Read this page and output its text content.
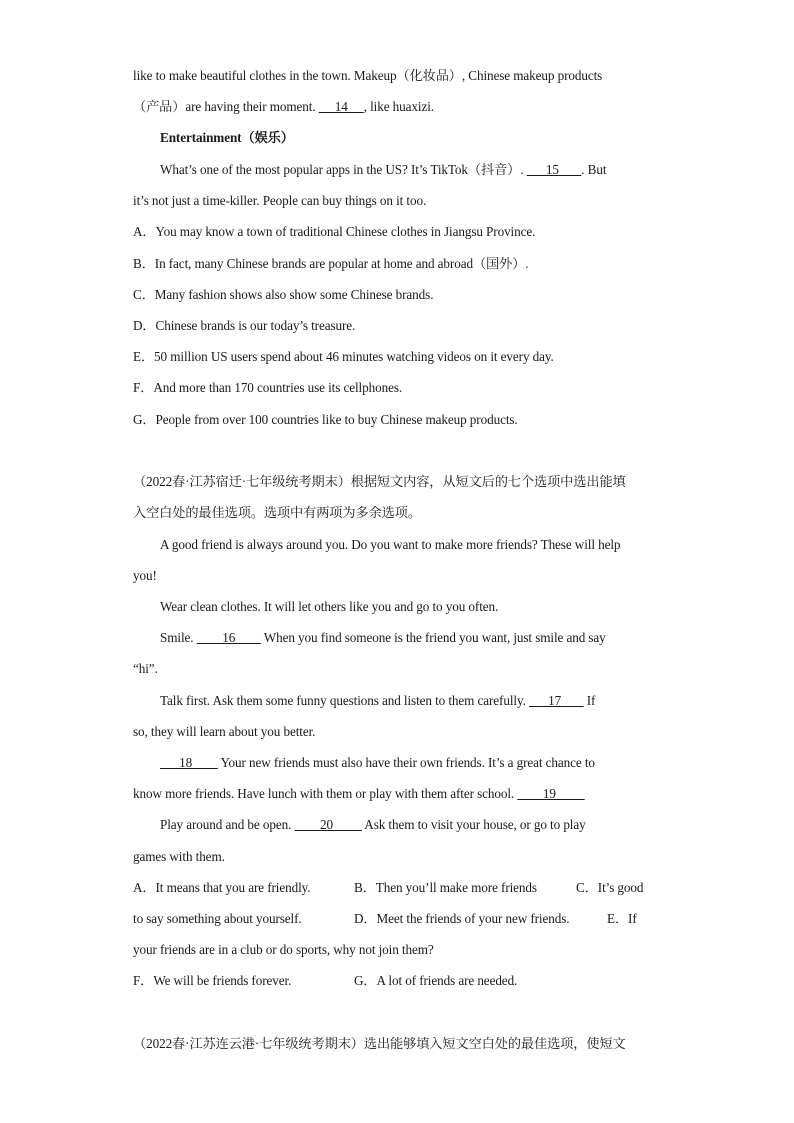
like to make beautiful clothes in the town. Makeup（化妆品）, Chinese makeup products
（产品）are having their moment.      14     , like huaxizi.
Entertainment（娱乐）
What’s one of the most popular apps in the US? It’s TikTok（抖音）.       15       . But
it’s not just a time-killer. People can buy things on it too.
A．You may know a town of traditional Chinese clothes in Jiangsu Province.
B．In fact, many Chinese brands are popular at home and abroad（国外）.
C．Many fashion shows also show some Chinese brands.
D．Chinese brands is our today’s treasure.
E．50 million US users spend about 46 minutes watching videos on it every day.
F．And more than 170 countries use its cellphones.
G．People from over 100 countries like to buy Chinese makeup products.
（2022春·江苏宿迁·七年级统考期末）根据短文内容，从短文后的七个选项中选出能填
入空白处的最佳选项。选项中有两项为多余选项。
A good friend is always around you. Do you want to make more friends? These will help
you!
Wear clean clothes. It will let others like you and go to you often.
Smile.         16         When you find someone is the friend you want, just smile and say
“hi”.
Talk first. Ask them some funny questions and listen to them carefully.       17        If
so, they will learn about you better.
18         Your new friends must also have their own friends. It’s a great chance to
know more friends. Have lunch with them or play with them after school.         19
Play around and be open.         20          Ask them to visit your house, or go to play
games with them.
A．It means that you are friendly.	B．Then you’ll make more friends	C．It’s good
to say something about yourself.	D．Meet the friends of your new friends.	E．If
your friends are in a club or do sports, why not join them?
F．We will be friends forever.	G．A lot of friends are needed.
（2022春·江苏连云港·七年级统考期末）选出能够填入短文空白处的最佳选项，使短文
